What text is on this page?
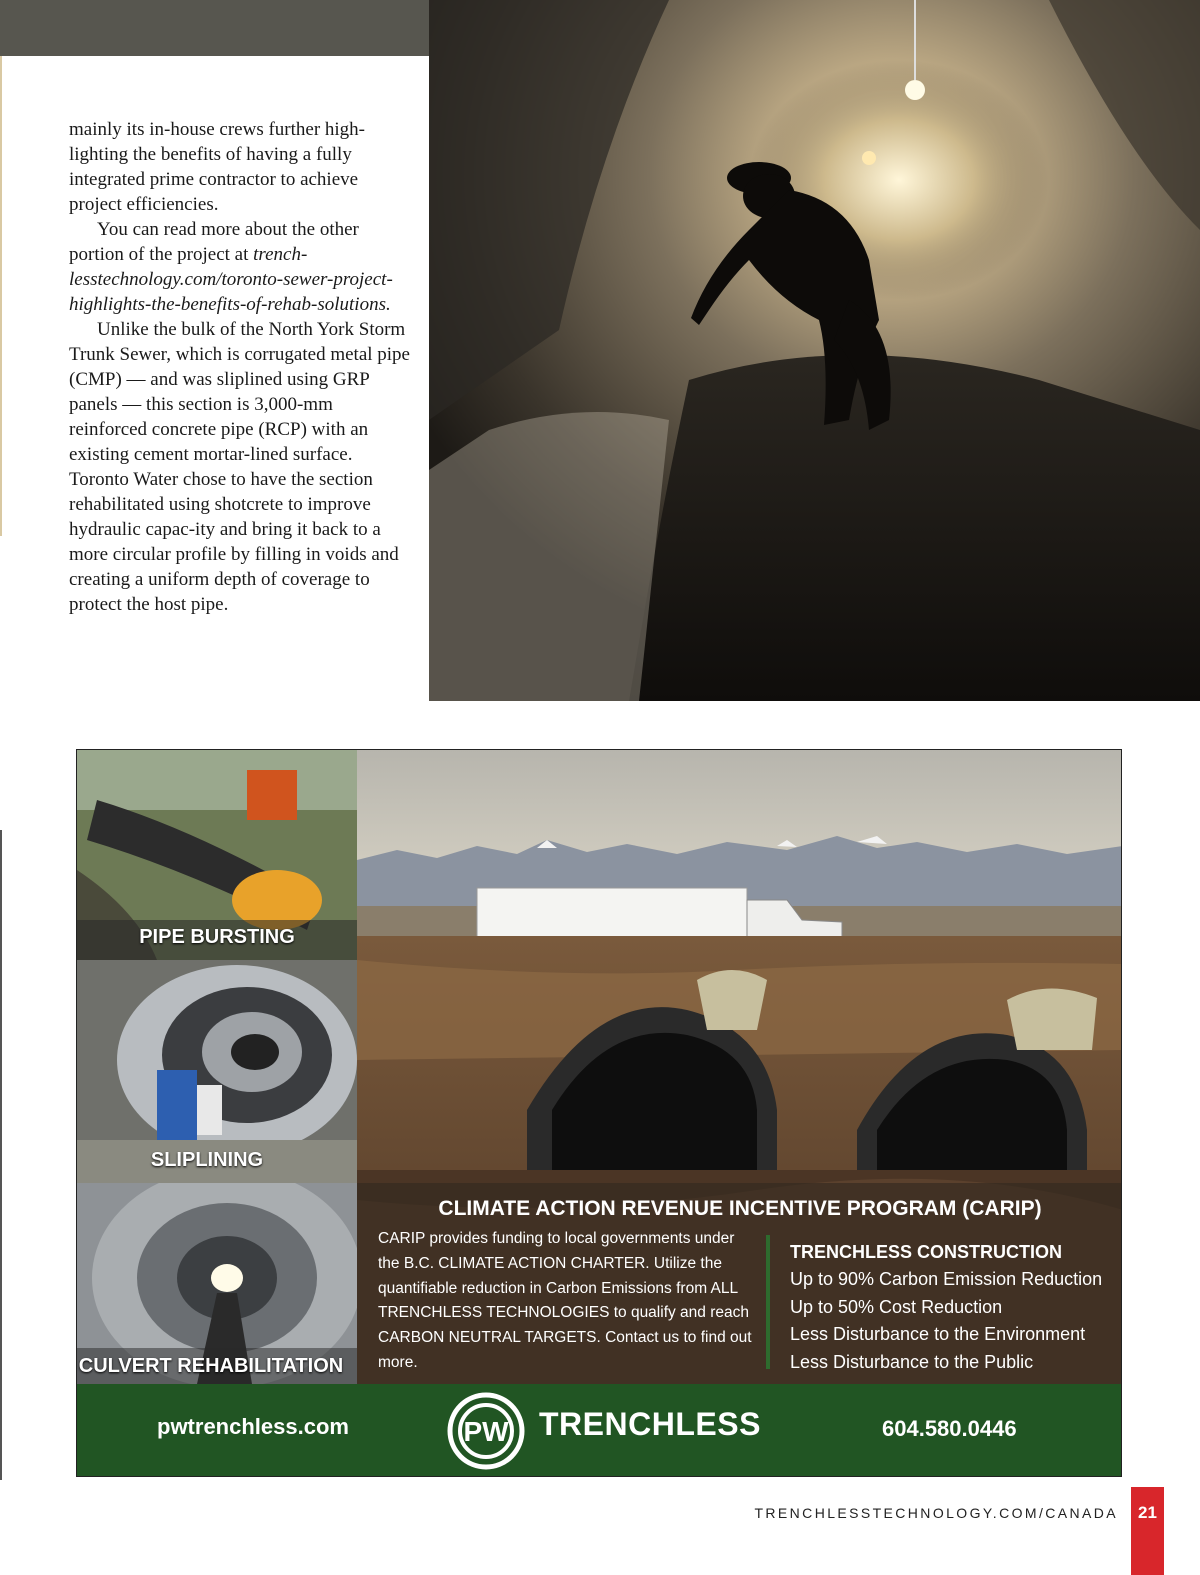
mainly its in-house crews further high-lighting the benefits of having a fully integrated prime contractor to achieve project efficiencies.

You can read more about the other portion of the project at trench-lesstechnology.com/toronto-sewer-project-highlights-the-benefits-of-rehab-solutions.

Unlike the bulk of the North York Storm Trunk Sewer, which is corrugated metal pipe (CMP) — and was sliplined using GRP panels — this section is 3,000-mm reinforced concrete pipe (RCP) with an existing cement mortar-lined surface. Toronto Water chose to have the section rehabilitated using shotcrete to improve hydraulic capac-ity and bring it back to a more circular profile by filling in voids and creating a uniform depth of coverage to protect the host pipe.

PIPE BURSTING
SLIPLINING
CULVERT REHABILITATION
CLIMATE ACTION REVENUE INCENTIVE PROGRAM (CARIP)
CARIP provides funding to local governments under the B.C. CLIMATE ACTION CHARTER. Utilize the quantifiable reduction in Carbon Emissions from ALL TRENCHLESS TECHNOLOGIES to qualify and reach CARBON NEUTRAL TARGETS. Contact us to find out more.
TRENCHLESS CONSTRUCTION
Up to 90% Carbon Emission Reduction
Up to 50% Cost Reduction
Less Disturbance to the Environment
Less Disturbance to the Public
pwtrenchless.com	PW TRENCHLESS	604.580.0446
TRENCHLESSTECHNOLOGY.COM/CANADA	21
